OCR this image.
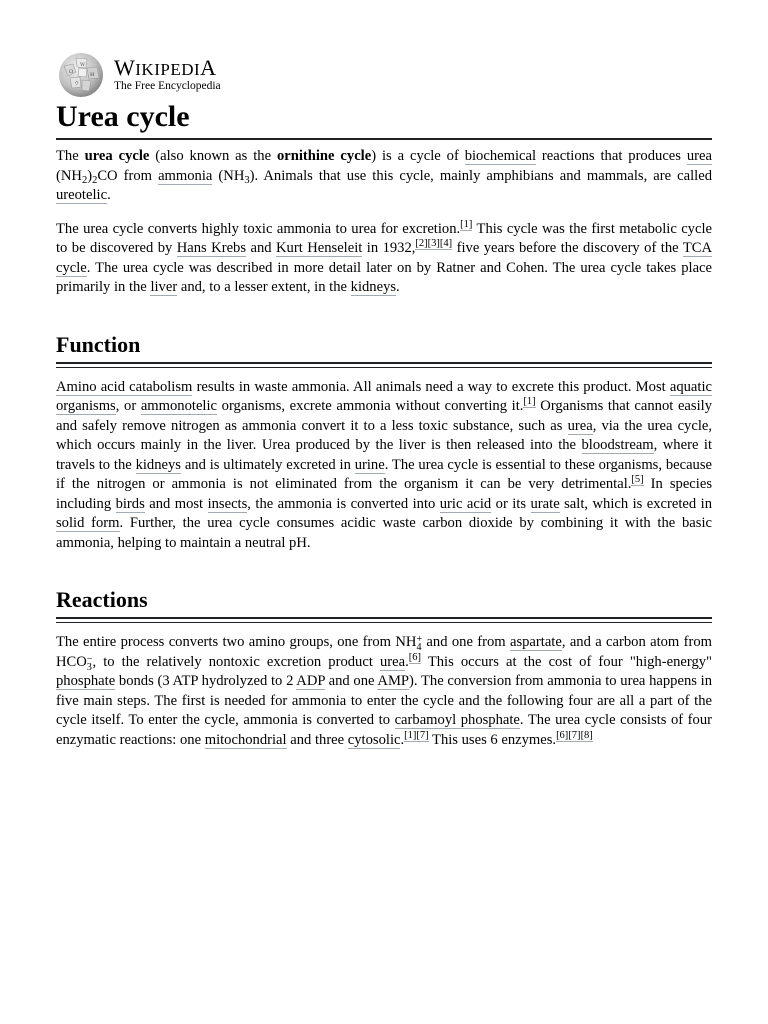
W
Ω	И
ウ
WIKIPEDIA
The Free Encyclopedia
Urea cycle

The urea cycle (also known as the ornithine cycle) is a cycle of biochemical reactions that produces urea $(NH_2)_2CO$ from ammonia $(NH_3)$. Animals that use this cycle, mainly amphibians and mammals, are called ureotelic.

The urea cycle converts highly toxic ammonia to urea for excretion.[1] This cycle was the first metabolic cycle to be discovered by Hans Krebs and Kurt Henseleit in 1932,[2][3][4] five years before the discovery of the TCA cycle. The urea cycle was described in more detail later on by Ratner and Cohen. The urea cycle takes place primarily in the liver and, to a lesser extent, in the kidneys.

Function

Amino acid catabolism results in waste ammonia. All animals need a way to excrete this product. Most aquatic organisms, or ammonotelic organisms, excrete ammonia without converting it.[1] Organisms that cannot easily and safely remove nitrogen as ammonia convert it to a less toxic substance, such as urea, via the urea cycle, which occurs mainly in the liver. Urea produced by the liver is then released into the bloodstream, where it travels to the kidneys and is ultimately excreted in urine. The urea cycle is essential to these organisms, because if the nitrogen or ammonia is not eliminated from the organism it can be very detrimental.[5] In species including birds and most insects, the ammonia is converted into uric acid or its urate salt, which is excreted in solid form. Further, the urea cycle consumes acidic waste carbon dioxide by combining it with the basic ammonia, helping to maintain a neutral pH.

Reactions

The entire process converts two amino groups, one from NH +
4 and one from aspartate, and a carbon atom from HCO −
3 , to the relatively nontoxic excretion product urea.[6] This occurs at the cost of four "high-energy" phosphate bonds (3 ATP hydrolyzed to 2 ADP and one AMP). The conversion from ammonia to urea happens in five main steps. The first is needed for ammonia to enter the cycle and the following four are all a part of the cycle itself. To enter the cycle, ammonia is converted to carbamoyl phosphate. The urea cycle consists of four enzymatic reactions: one mitochondrial and three cytosolic.[1][7] This uses 6 enzymes.[6][7][8]
